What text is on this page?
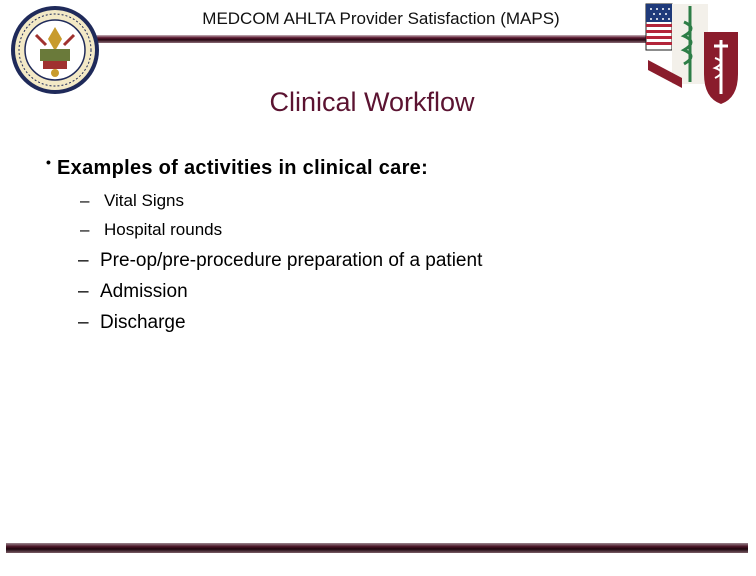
MEDCOM AHLTA Provider Satisfaction (MAPS)
Clinical Workflow
• Examples of activities in clinical care:
– Vital Signs
– Hospital rounds
– Pre-op/pre-procedure preparation of a patient
– Admission
– Discharge
